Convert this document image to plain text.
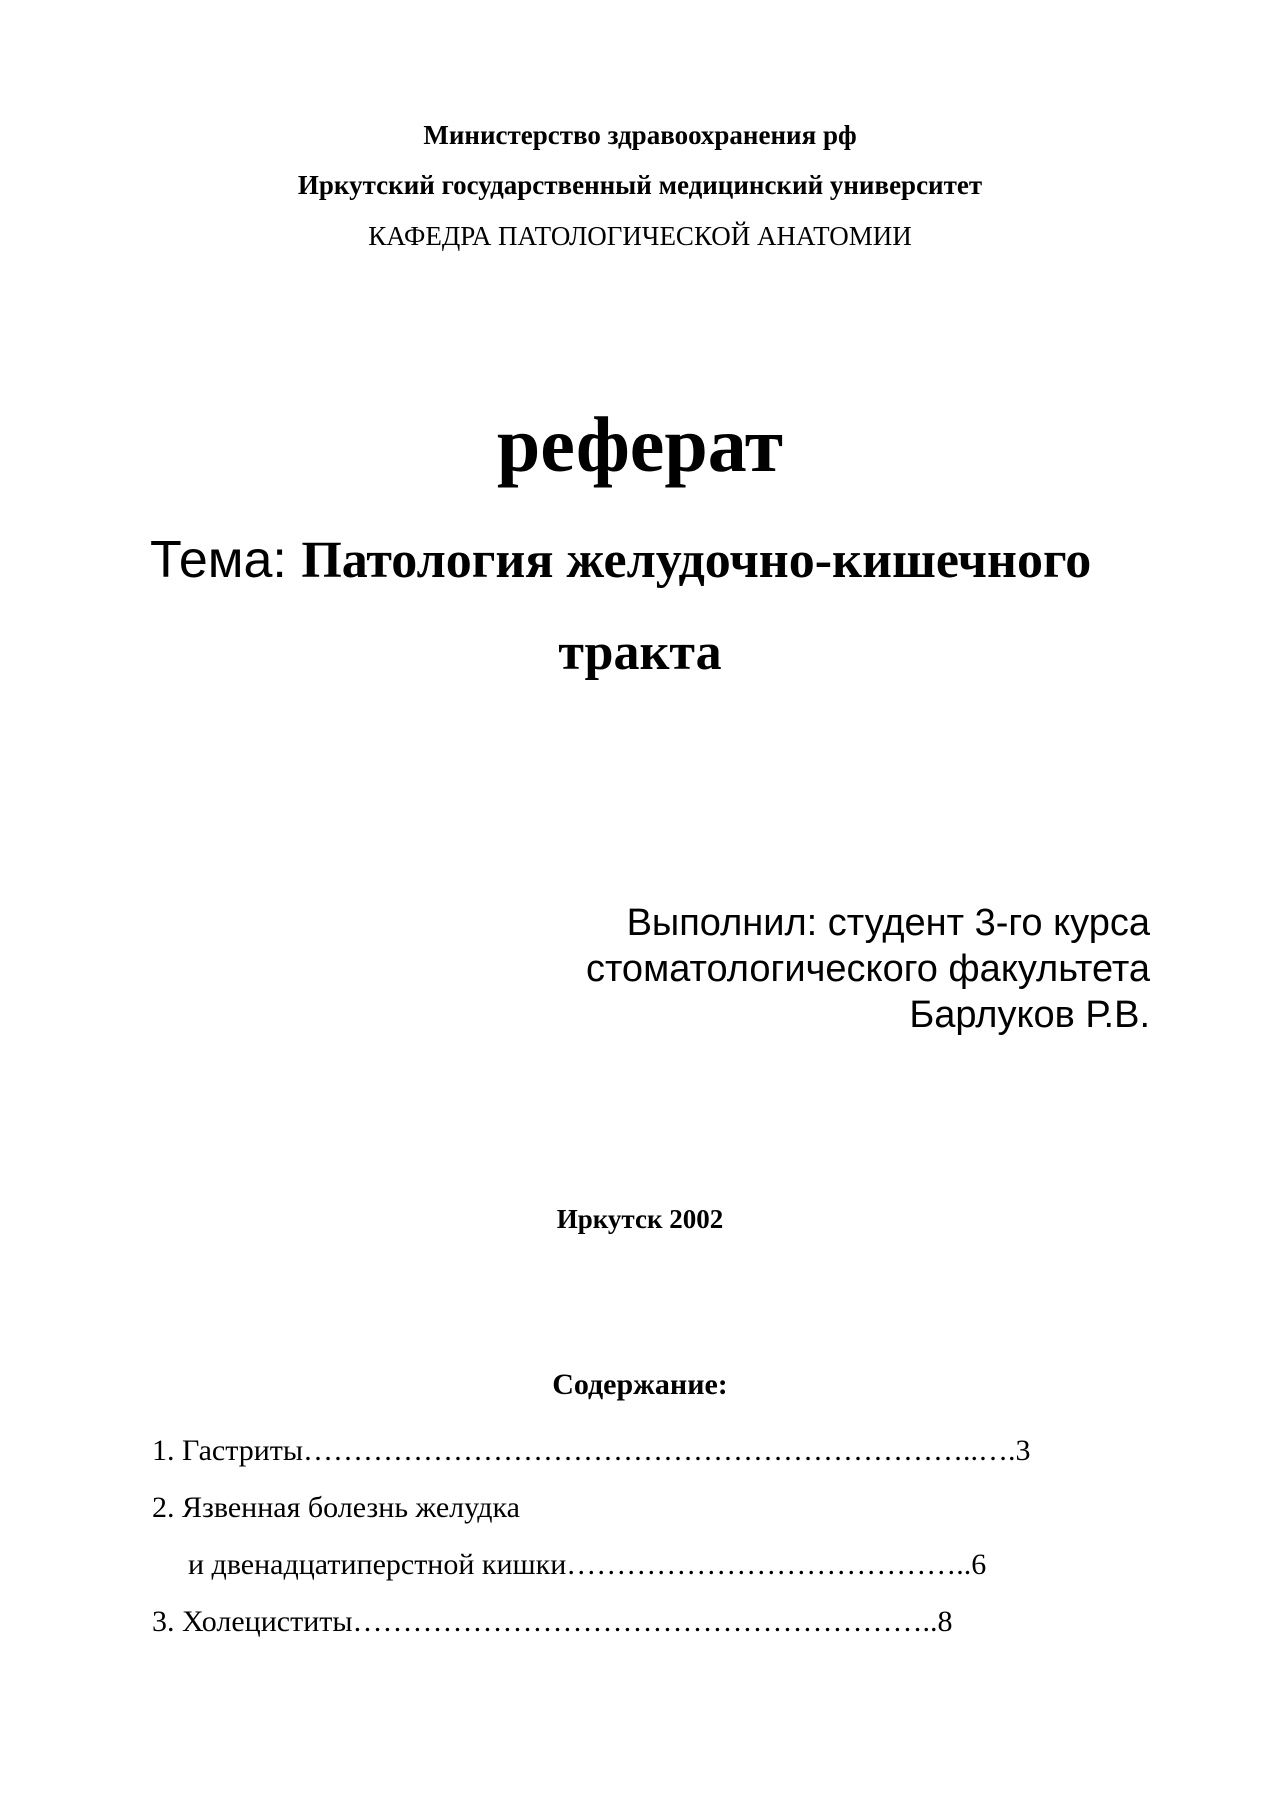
Министерство здравоохранения рф
Иркутский государственный медицинский университет
КАФЕДРА ПАТОЛОГИЧЕСКОЙ АНАТОМИИ
реферат
Тема: Патология желудочно-кишечного
тракта
Выполнил: студент 3-го курса
стоматологического факультета
Барлуков Р.В.
Иркутск 2002
Содержание:
1. Гастриты…………………………………………………………..….3
2. Язвенная болезнь желудка
и двенадцатиперстной кишки…………………………………..6
3. Холециститы…………………………………………………..8
